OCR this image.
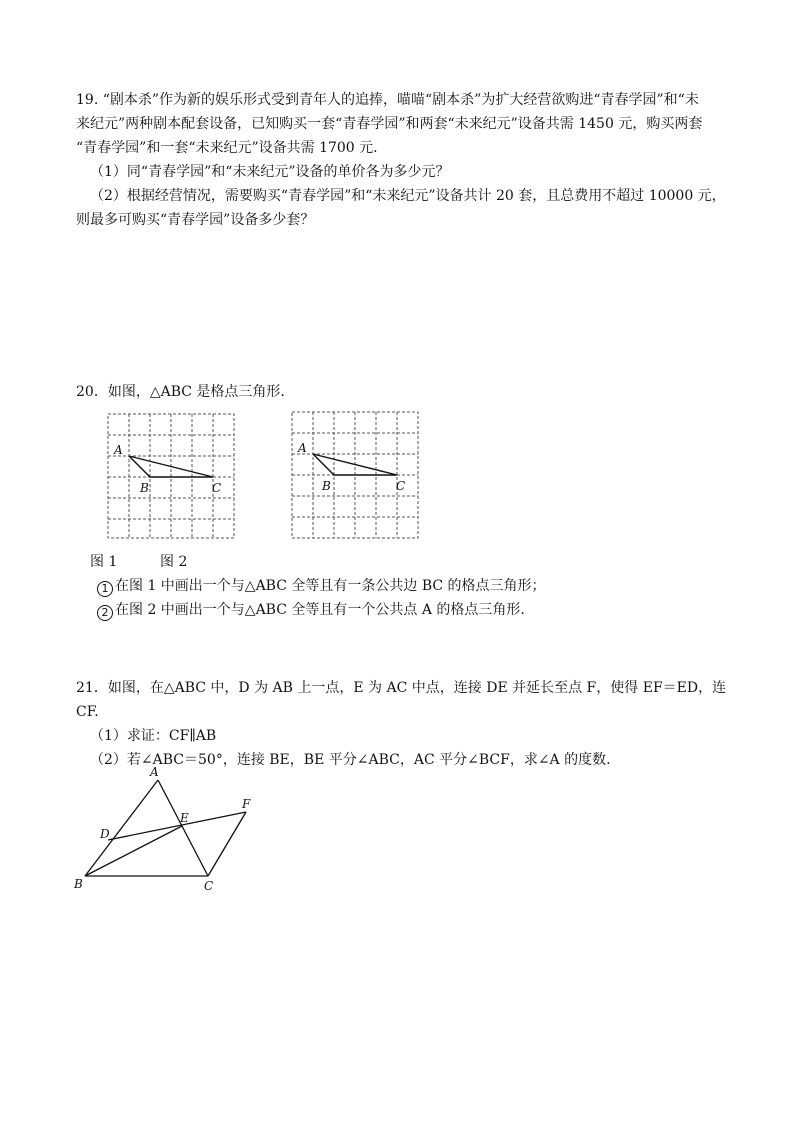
19. “剧本杀”作为新的娱乐形式受到青年人的追捧，喵喵“剧本杀”为扩大经营欲购进“青春学园”和“未
来纪元”两种剧本配套设备，已知购买一套“青春学园”和两套“未来纪元”设备共需 1450 元，购买两套
“青春学园”和一套“未来纪元”设备共需 1700 元.
（1）同“青春学园”和“未来纪元”设备的单价各为多少元？
（2）根据经营情况，需要购买“青春学园”和“未来纪元”设备共计 20 套，且总费用不超过 10000 元，
则最多可购买“青春学园”设备多少套？
20．如图，△ABC 是格点三角形.
A
B	C
A
B	C
图 1	图 2
1 在图 1 中画出一个与△ABC 全等且有一条公共边 BC 的格点三角形；
2 在图 2 中画出一个与△ABC 全等且有一个公共点 A 的格点三角形.
21．如图，在△ABC 中，D 为 AB 上一点，E 为 AC 中点，连接 DE 并延长至点 F，使得 EF＝ED，连
CF.
（1）求证：CF∥AB
（2）若∠ABC＝50°，连接 BE，BE 平分∠ABC，AC 平分∠BCF，求∠A 的度数.
A
B	C
D
E
F
